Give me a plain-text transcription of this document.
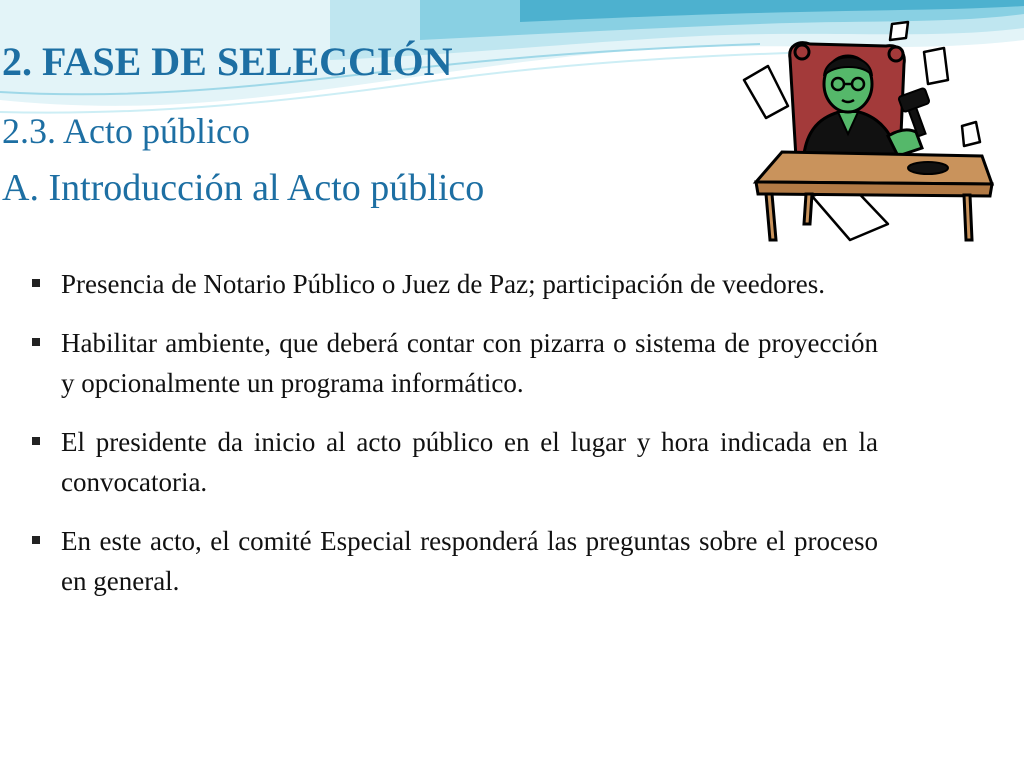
2. FASE DE SELECCIÓN
2.3. Acto público
A. Introducción al Acto público
Presencia de Notario Público o Juez de Paz; participación de veedores.
Habilitar ambiente, que deberá contar con pizarra o sistema de proyección y opcionalmente un programa informático.
El presidente da inicio al acto público en el lugar y hora indicada en la convocatoria.
En este acto, el comité Especial responderá las preguntas sobre el proceso en general.
